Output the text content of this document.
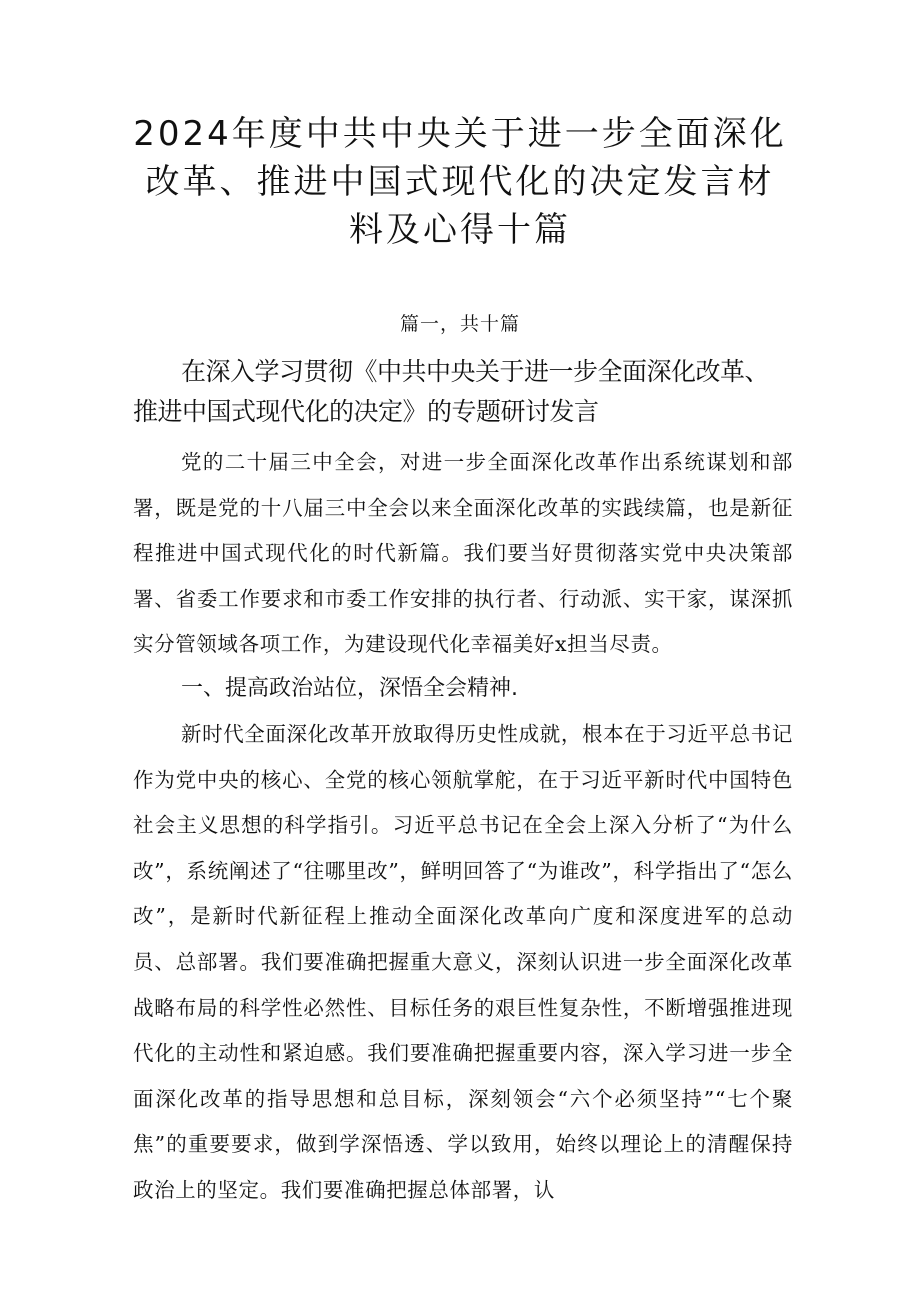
2024年度中共中央关于进一步全面深化改革、推进中国式现代化的决定发言材料及心得十篇
篇一，共十篇
在深入学习贯彻《中共中央关于进一步全面深化改革、推进中国式现代化的决定》的专题研讨发言

党的二十届三中全会，对进一步全面深化改革作出系统谋划和部署，既是党的十八届三中全会以来全面深化改革的实践续篇，也是新征程推进中国式现代化的时代新篇。我们要当好贯彻落实党中央决策部署、省委工作要求和市委工作安排的执行者、行动派、实干家，谋深抓实分管领域各项工作，为建设现代化幸福美好x担当尽责。

一、提高政治站位，深悟全会精神.

新时代全面深化改革开放取得历史性成就，根本在于习近平总书记作为党中央的核心、全党的核心领航掌舵，在于习近平新时代中国特色社会主义思想的科学指引。习近平总书记在全会上深入分析了“为什么改”，系统阐述了“往哪里改”，鲜明回答了“为谁改”，科学指出了“怎么改”，是新时代新征程上推动全面深化改革向广度和深度进军的总动员、总部署。我们要准确把握重大意义，深刻认识进一步全面深化改革战略布局的科学性必然性、目标任务的艰巨性复杂性，不断增强推进现代化的主动性和紧迫感。我们要准确把握重要内容，深入学习进一步全面深化改革的指导思想和总目标，深刻领会“六个必须坚持”“七个聚焦”的重要要求，做到学深悟透、学以致用，始终以理论上的清醒保持政治上的坚定。我们要准确把握总体部署，认
